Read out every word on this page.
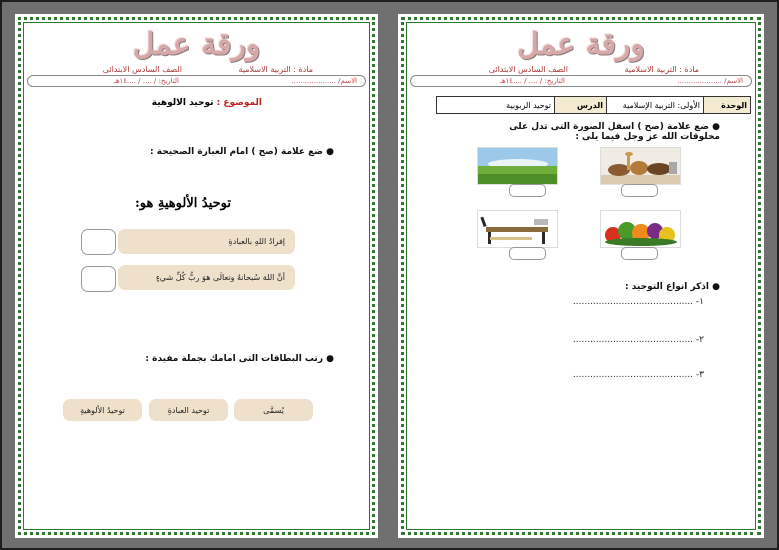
ورقة عمل
مادة : التربية الاسلامية
الصف السادس الابتدائى
الاسم/ ....................
التاريخ: / .... / ....١٤هـ
الموضوع : توحيد الالوهية
● ضع علامة (صح ) امام العبارة الصحيحة :
توحيدُ الألوهيةِ هو:
إفرادُ اللهِ بالعبادةِ
أنَّ اللهَ سُبحانهُ وتعالَى هوَ ربُّ كُلِّ شيءٍ
● رتب البطاقات التى امامك بجملة مفيدة :
يُسمَّى
توحيد العبادةِ
توحيدُ الألوهيةِ
ورقة عمل
مادة : التربية الاسلامية
الصف السادس الابتدائى
الاسم/ ....................
التاريخ: / .... / ....١٤هـ
الوحدة	الأولى: التربية الإسلامية	الدرس	توحيد الربوبية
● ضع علامة (صح ) اسفل الصورة التى تدل على مخلوقات الله عز وجل فيما يلى :
● اذكر انواع التوحيد :
١- ..........................................
٢- ..........................................
٣- ..........................................
